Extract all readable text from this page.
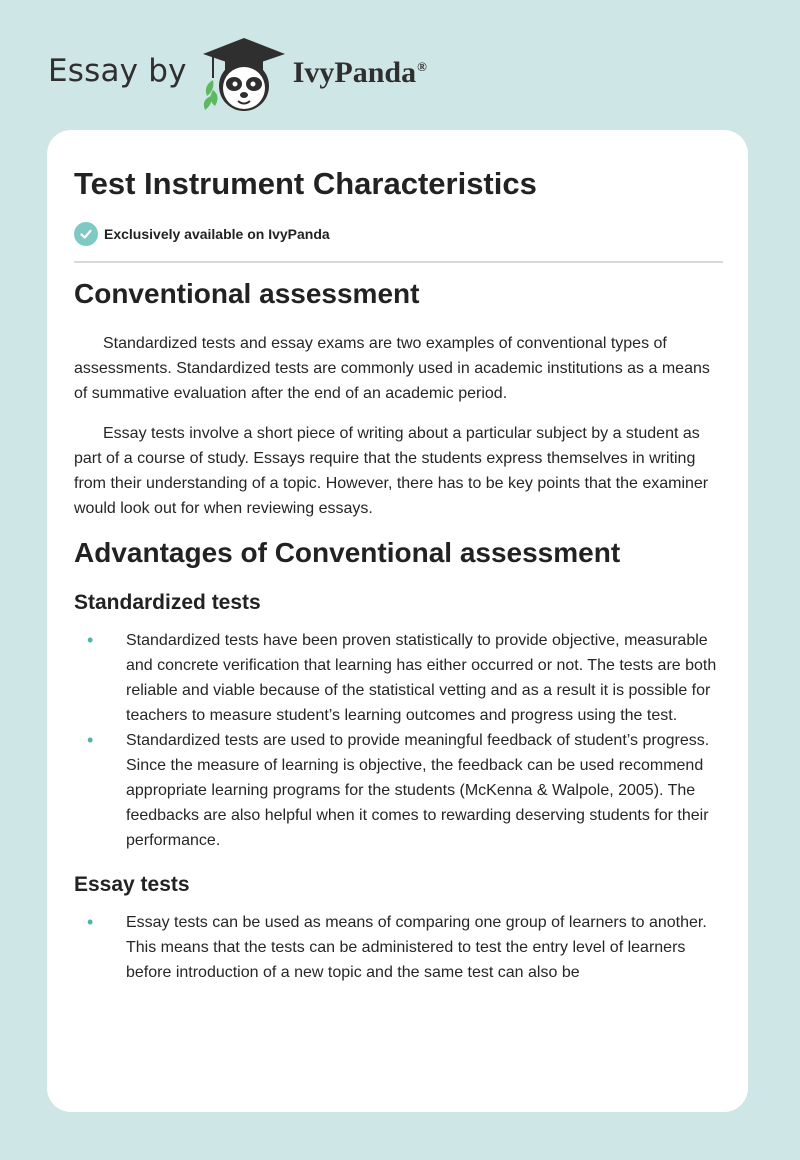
Essay by	IvyPanda®
Test Instrument Characteristics
Exclusively available on IvyPanda
Conventional assessment

Standardized tests and essay exams are two examples of conventional types of assessments. Standardized tests are commonly used in academic institutions as a means of summative evaluation after the end of an academic period.

Essay tests involve a short piece of writing about a particular subject by a student as part of a course of study. Essays require that the students express themselves in writing from their understanding of a topic. However, there has to be key points that the examiner would look out for when reviewing essays.

Advantages of Conventional assessment
Standardized tests
• Standardized tests have been proven statistically to provide objective, measurable and concrete verification that learning has either occurred or not. The tests are both reliable and viable because of the statistical vetting and as a result it is possible for teachers to measure student’s learning outcomes and progress using the test.
• Standardized tests are used to provide meaningful feedback of student’s progress. Since the measure of learning is objective, the feedback can be used recommend appropriate learning programs for the students (McKenna & Walpole, 2005). The feedbacks are also helpful when it comes to rewarding deserving students for their performance.
Essay tests
• Essay tests can be used as means of comparing one group of learners to another. This means that the tests can be administered to test the entry level of learners before introduction of a new topic and the same test can also be
